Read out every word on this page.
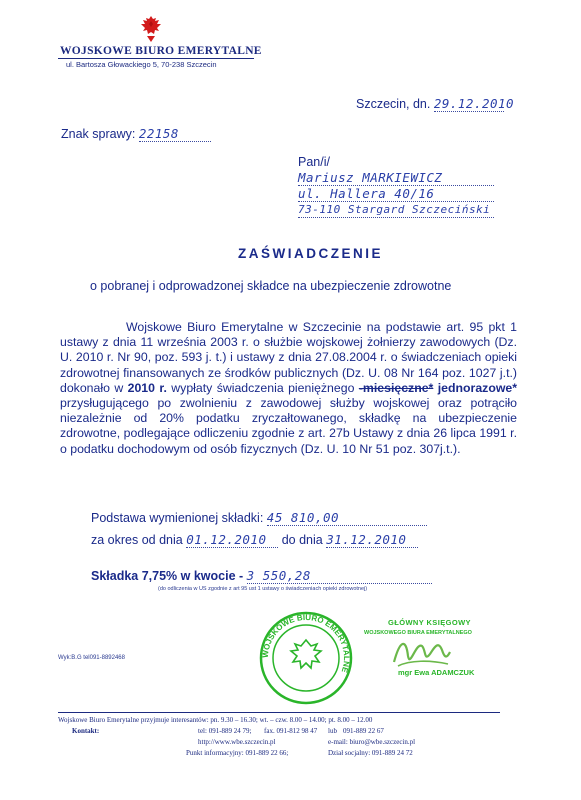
WOJSKOWE BIURO EMERYTALNE
ul. Bartosza Głowackiego 5, 70-238 Szczecin
Szczecin, dn. 29.12.2010
Znak sprawy: 22158
Pan/i/
Mariusz MARKIEWICZ
ul. Hallera 40/16
73-110 Stargard Szczeciński
ZAŚWIADCZENIE
o pobranej i odprowadzonej składce na ubezpieczenie zdrowotne
Wojskowe Biuro Emerytalne w Szczecinie na podstawie art. 95 pkt 1 ustawy z dnia 11 września 2003 r. o służbie wojskowej żołnierzy zawodowych (Dz. U. 2010 r. Nr 90, poz. 593 j. t.) i ustawy z dnia 27.08.2004 r. o świadczeniach opieki zdrowotnej finansowanych ze środków publicznych (Dz. U. 08 Nr 164 poz. 1027 j.t.) dokonało w 2010 r. wypłaty świadczenia pieniężnego -miesięczne* jednorazowe* przysługującego po zwolnieniu z zawodowej służby wojskowej oraz potrąciło niezależnie od 20% podatku zryczałtowanego, składkę na ubezpieczenie zdrowotne, podlegające odliczeniu zgodnie z art. 27b Ustawy z dnia 26 lipca 1991 r. o podatku dochodowym od osób fizycznych (Dz. U. 10 Nr 51 poz. 307j.t.).
Podstawa wymienionej składki: 45 810,00
za okres od dnia 01.12.2010 do dnia 31.12.2010
Składka 7,75% w kwocie - 3 550,28
(do odliczenia w US zgodnie z art 95 ust 1 ustawy o świadczeniach opieki zdrowotnej)
Wyk:B.G tel091-8892468	WOJSKOWE BIURO EMERYTALNE
GŁÓWNY KSIĘGOWY
WOJSKOWEGO BIURA EMERYTALNEGO
mgr Ewa ADAMCZUK
Wojskowe Biuro Emerytalne przyjmuje interesantów: pn. 9.30 – 16.30; wt. – czw. 8.00 – 14.00; pt. 8.00 – 12.00
Kontakt:	tel: 091-889 24 79; fax. 091-812 98 47 lub 091-889 22 67
http://www.wbe.szczecin.pl	e-mail: biuro@wbe.szczecin.pl
Punkt informacyjny: 091-889 22 66;	Dział socjalny: 091-889 24 72
